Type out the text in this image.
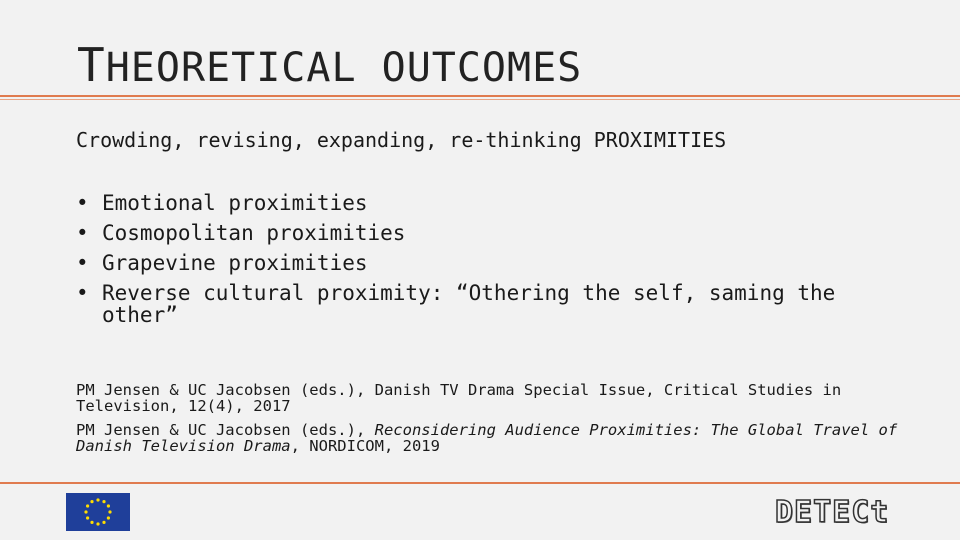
THEORETICAL OUTCOMES
Crowding, revising, expanding, re-thinking PROXIMITIES
• Emotional proximities
• Cosmopolitan proximities
• Grapevine proximities
• Reverse cultural proximity: “Othering the self, saming the other”

PM Jensen & UC Jacobsen (eds.), Danish TV Drama Special Issue, Critical Studies in Television, 12(4), 2017

PM Jensen & UC Jacobsen (eds.), Reconsidering Audience Proximities: The Global Travel of Danish Television Drama, NORDICOM, 2019

DETECt
